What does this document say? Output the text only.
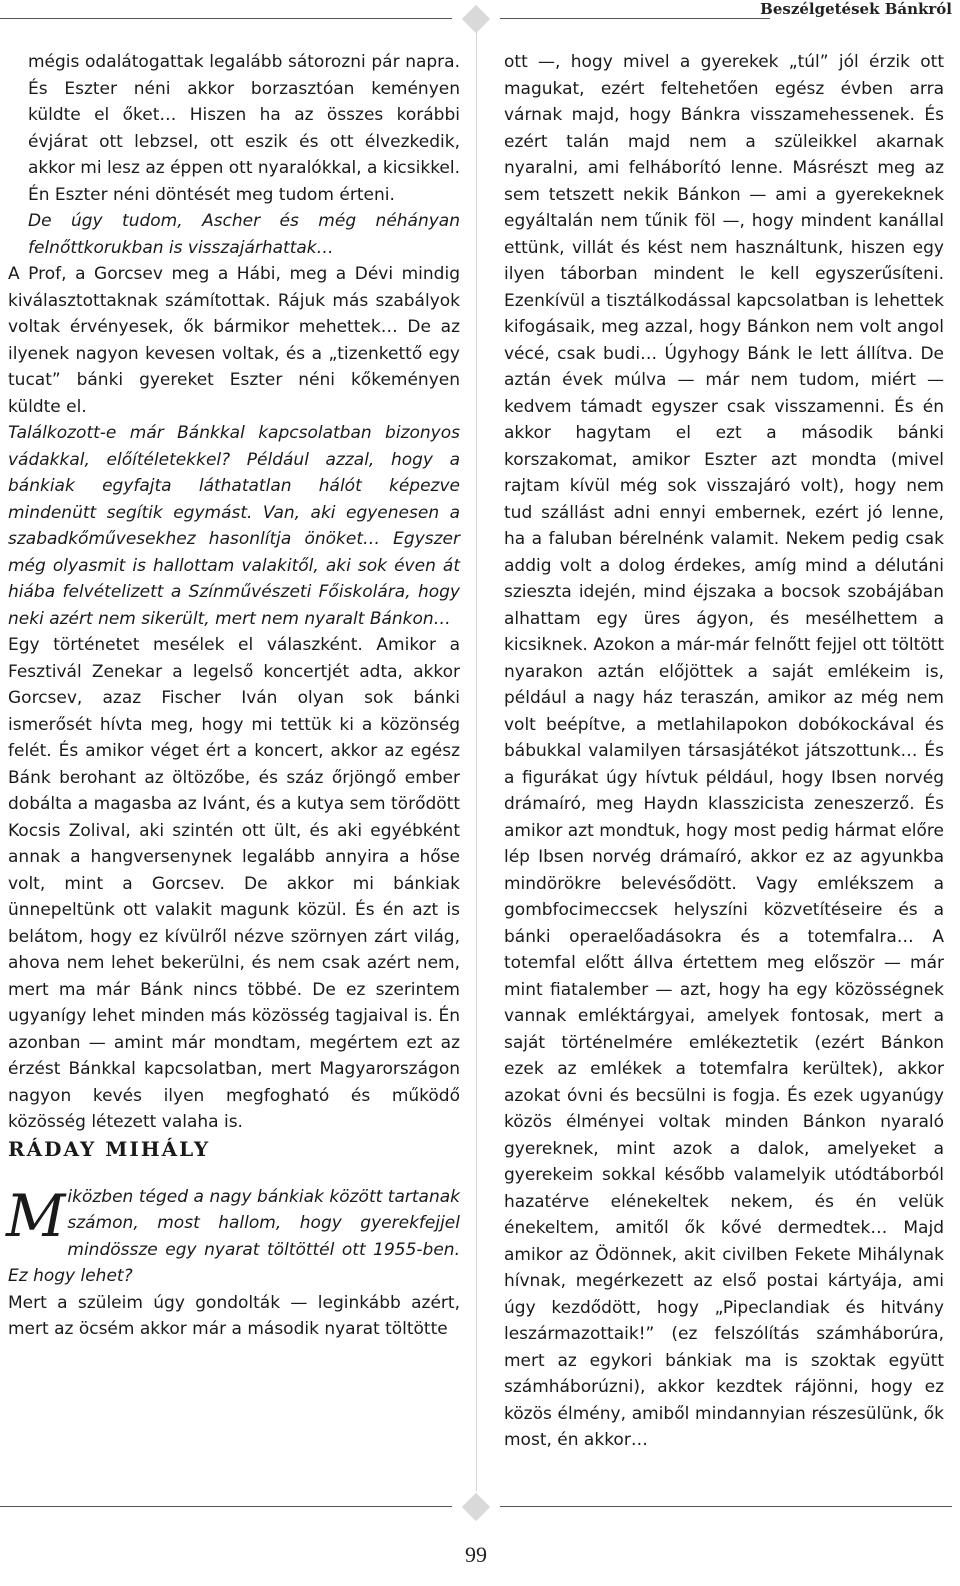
Beszélgetések Bánkról

mégis odalátogattak legalább sátorozni pár napra. És Eszter néni akkor borzasztóan keményen küldte el őket… Hiszen ha az összes korábbi évjárat ott lebzsel, ott eszik és ott élvezkedik, akkor mi lesz az éppen ott nyaralókkal, a kicsikkel. Én Eszter néni döntését meg tudom érteni.

De úgy tudom, Ascher és még néhányan felnőttkorukban is visszajárhattak…

A Prof, a Gorcsev meg a Hábi, meg a Dévi mindig kiválasztottaknak számítottak. Rájuk más szabályok voltak érvényesek, ők bármikor mehettek… De az ilyenek nagyon kevesen voltak, és a „tizenkettő egy tucat” bánki gyereket Eszter néni kőkeményen küldte el.

Találkozott-e már Bánkkal kapcsolatban bizonyos vádakkal, előítéletekkel? Például azzal, hogy a bánkiak egyfajta láthatatlan hálót képezve mindenütt segítik egymást. Van, aki egyenesen a szabadkőművesekhez hasonlítja önöket… Egyszer még olyasmit is hallottam valakitől, aki sok éven át hiába felvételizett a Színművészeti Főiskolára, hogy neki azért nem sikerült, mert nem nyaralt Bánkon…

Egy történetet mesélek el válaszként. Amikor a Fesztivál Zenekar a legelső koncertjét adta, akkor Gorcsev, azaz Fischer Iván olyan sok bánki ismerősét hívta meg, hogy mi tettük ki a közönség felét. És amikor véget ért a koncert, akkor az egész Bánk berohant az öltözőbe, és száz őrjöngő ember dobálta a magasba az Ivánt, és a kutya sem törődött Kocsis Zolival, aki szintén ott ült, és aki egyébként annak a hangversenynek legalább annyira a hőse volt, mint a Gorcsev. De akkor mi bánkiak ünnepeltünk ott valakit magunk közül. És én azt is belátom, hogy ez kívülről nézve szörnyen zárt világ, ahova nem lehet bekerülni, és nem csak azért nem, mert ma már Bánk nincs többé. De ez szerintem ugyanígy lehet minden más közösség tagjaival is. Én azonban — amint már mondtam, megértem ezt az érzést Bánkkal kapcsolatban, mert Magyarországon nagyon kevés ilyen megfogható és működő közösség létezett valaha is.

RÁDAY MIHÁLY

Miközben téged a nagy bánkiak között tartanak számon, most hallom, hogy gyerekfejjel mindössze egy nyarat töltöttél ott 1955-ben. Ez hogy lehet?

Mert a szüleim úgy gondolták — leginkább azért, mert az öcsém akkor már a második nyarat töltötte

ott —, hogy mivel a gyerekek „túl” jól érzik ott magukat, ezért feltehetően egész évben arra várnak majd, hogy Bánkra visszamehessenek. És ezért talán majd nem a szüleikkel akarnak nyaralni, ami felháborító lenne. Másrészt meg az sem tetszett nekik Bánkon — ami a gyerekeknek egyáltalán nem tűnik föl —, hogy mindent kanállal ettünk, villát és kést nem használtunk, hiszen egy ilyen táborban mindent le kell egyszerűsíteni. Ezenkívül a tisztálkodással kapcsolatban is lehettek kifogásaik, meg azzal, hogy Bánkon nem volt angol vécé, csak budi… Úgyhogy Bánk le lett állítva. De aztán évek múlva — már nem tudom, miért — kedvem támadt egyszer csak visszamenni. És én akkor hagytam el ezt a második bánki korszakomat, amikor Eszter azt mondta (mivel rajtam kívül még sok visszajáró volt), hogy nem tud szállást adni ennyi embernek, ezért jó lenne, ha a faluban bérelnénk valamit. Nekem pedig csak addig volt a dolog érdekes, amíg mind a délutáni sziesztа idején, mind éjszaka a bocsok szobájában alhattam egy üres ágyon, és mesélhettem a kicsiknek. Azokon a már-már felnőtt fejjel ott töltött nyarakon aztán előjöttek a saját emlékeim is, például a nagy ház teraszán, amikor az még nem volt beépítve, a metlahilapokon dobókockával és bábukkal valamilyen társasjátékot játszottunk… És a figurákat úgy hívtuk például, hogy Ibsen norvég drámaíró, meg Haydn klasszicista zeneszerző. És amikor azt mondtuk, hogy most pedig hármat előre lép Ibsen norvég drámaíró, akkor ez az agyunkba mindörökre belevésődött. Vagy emlékszem a gombfocimeccsek helyszíni közvetítéseire és a bánki operaelőadásokra és a totemfalra… A totemfal előtt állva értettem meg először — már mint fiatalember — azt, hogy ha egy közösségnek vannak emléktárgyai, amelyek fontosak, mert a saját történelmére emlékeztetik (ezért Bánkon ezek az emlékek a totemfalra kerültek), akkor azokat óvni és becsülni is fogja. És ezek ugyanúgy közös élményei voltak minden Bánkon nyaraló gyereknek, mint azok a dalok, amelyeket a gyerekeim sokkal később valamelyik utódtáborból hazatérve elénekeltek nekem, és én velük énekeltem, amitől ők kővé dermedtek… Majd amikor az Ödönnek, akit civilben Fekete Mihálynak hívnak, megérkezett az első postai kártyája, ami úgy kezdődött, hogy „Pipeclandiak és hitvány leszármazottaik!” (ez felszólítás számháborúra, mert az egykori bánkiak ma is szoktak együtt számháborúzni), akkor kezdtek rájönni, hogy ez közös élmény, amiből mindannyian részesülünk, ők most, én akkor…

99
